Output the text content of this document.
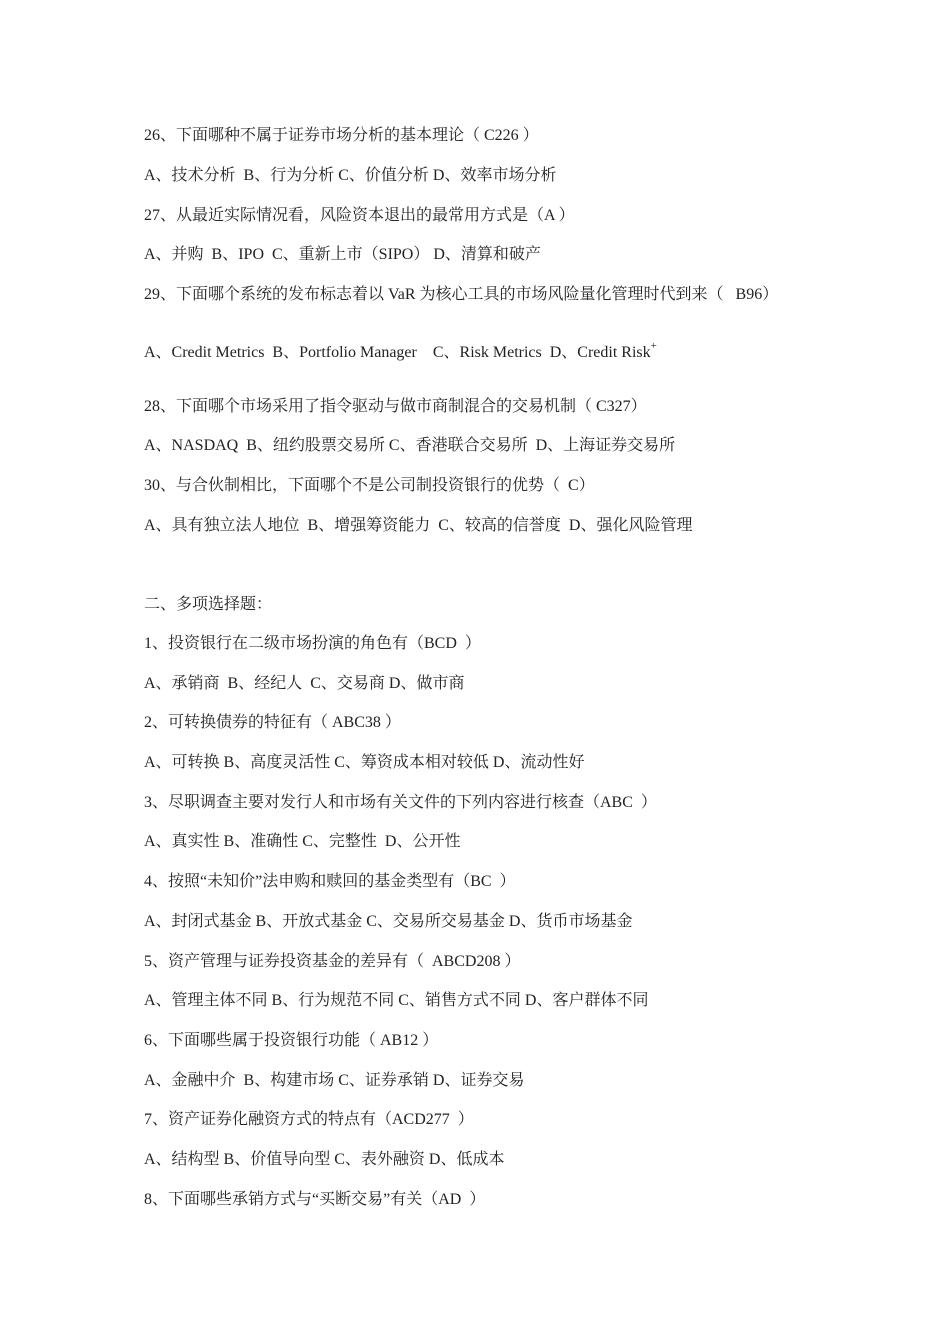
26、下面哪种不属于证券市场分析的基本理论（ C226 ）
A、技术分析  B、行为分析 C、价值分析 D、效率市场分析
27、从最近实际情况看，风险资本退出的最常用方式是（A ）
A、并购  B、IPO  C、重新上市（SIPO） D、清算和破产
29、下面哪个系统的发布标志着以 VaR 为核心工具的市场风险量化管理时代到来（   B96）
A、Credit Metrics  B、Portfolio Manager    C、Risk Metrics  D、Credit Risk+
28、下面哪个市场采用了指令驱动与做市商制混合的交易机制（ C327）
A、NASDAQ  B、纽约股票交易所 C、香港联合交易所  D、上海证券交易所
30、与合伙制相比，下面哪个不是公司制投资银行的优势（  C）
A、具有独立法人地位  B、增强筹资能力  C、较高的信誉度  D、强化风险管理
二、多项选择题：
1、投资银行在二级市场扮演的角色有（BCD  ）
A、承销商  B、经纪人  C、交易商 D、做市商
2、可转换债券的特征有（ ABC38 ）
A、可转换 B、高度灵活性 C、筹资成本相对较低 D、流动性好
3、尽职调查主要对发行人和市场有关文件的下列内容进行核查（ABC  ）
A、真实性 B、准确性 C、完整性  D、公开性
4、按照“未知价”法申购和赎回的基金类型有（BC  ）
A、封闭式基金 B、开放式基金 C、交易所交易基金 D、货币市场基金
5、资产管理与证券投资基金的差异有（  ABCD208 ）
A、管理主体不同 B、行为规范不同 C、销售方式不同 D、客户群体不同
6、下面哪些属于投资银行功能（ AB12 ）
A、金融中介  B、构建市场 C、证券承销 D、证券交易
7、资产证券化融资方式的特点有（ACD277  ）
A、结构型 B、价值导向型 C、表外融资 D、低成本
8、下面哪些承销方式与“买断交易”有关（AD  ）
